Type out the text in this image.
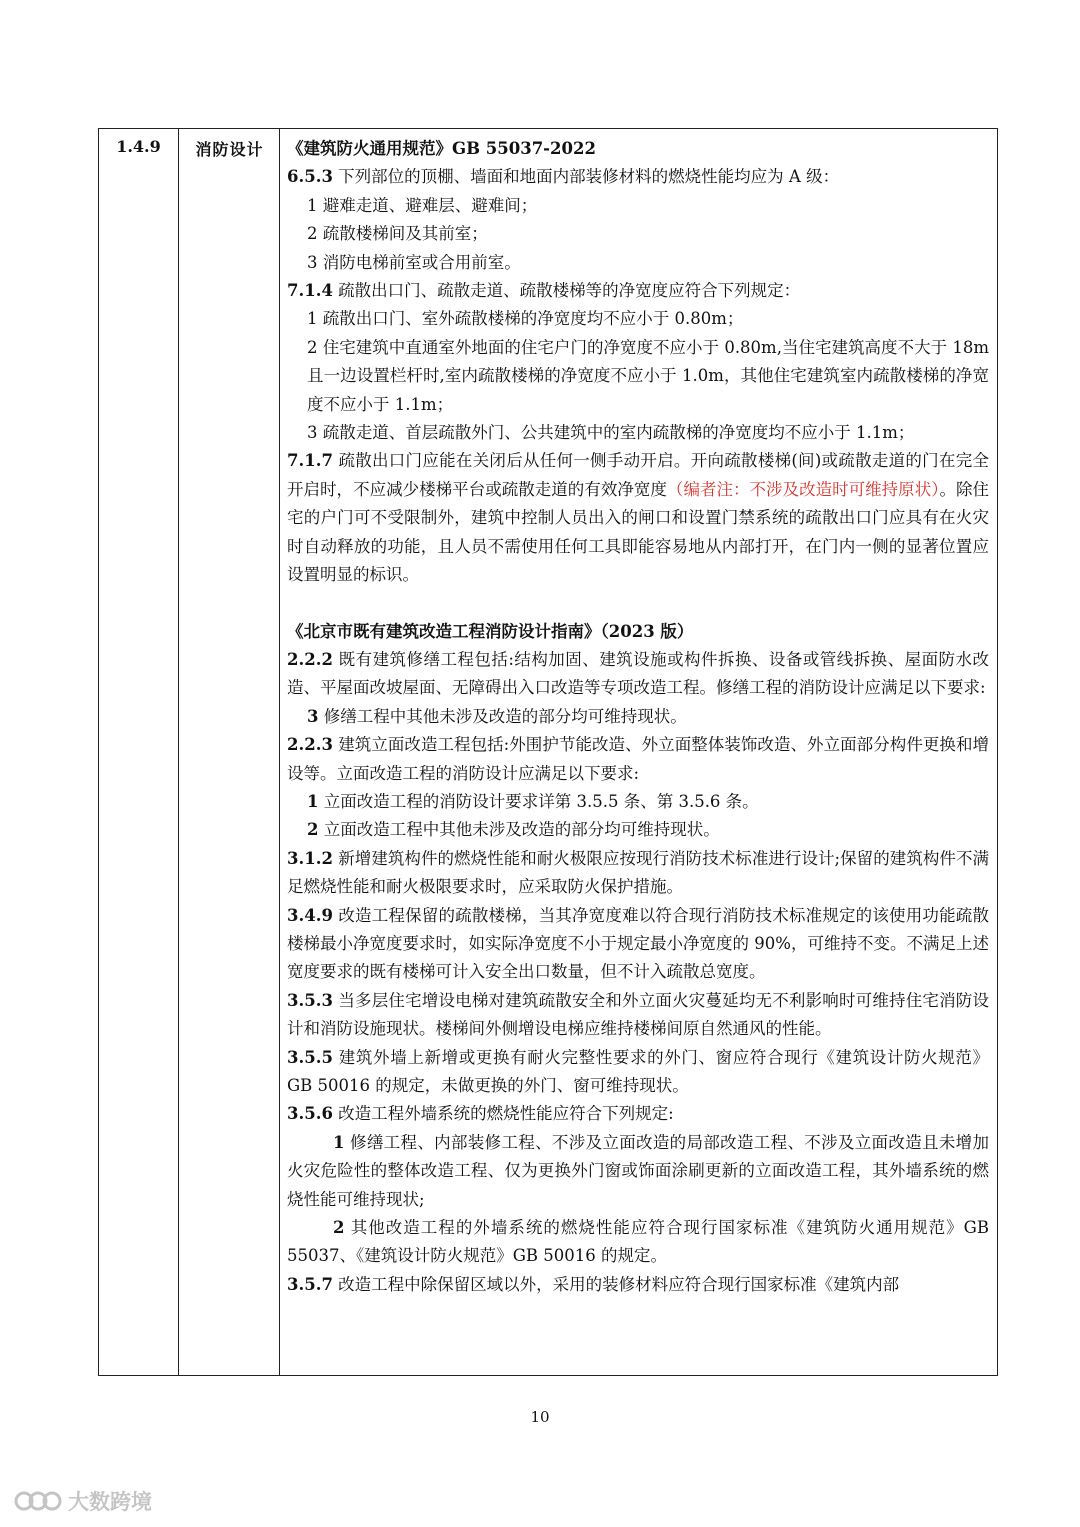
1.4.9	消防设计	《建筑防火通用规范》GB 55037-2022
6.5.3 下列部位的顶棚、墙面和地面内部装修材料的燃烧性能均应为 A 级：
1 避难走道、避难层、避难间；
2 疏散楼梯间及其前室；
3 消防电梯前室或合用前室。
7.1.4 疏散出口门、疏散走道、疏散楼梯等的净宽度应符合下列规定：
1 疏散出口门、室外疏散楼梯的净宽度均不应小于 0.80m；
2 住宅建筑中直通室外地面的住宅户门的净宽度不应小于 0.80m,当住宅建筑高度不大于 18m 且一边设置栏杆时,室内疏散楼梯的净宽度不应小于 1.0m，其他住宅建筑室内疏散楼梯的净宽度不应小于 1.1m；
3 疏散走道、首层疏散外门、公共建筑中的室内疏散梯的净宽度均不应小于 1.1m；
7.1.7 疏散出口门应能在关闭后从任何一侧手动开启。开向疏散楼梯(间)或疏散走道的门在完全开启时，不应减少楼梯平台或疏散走道的有效净宽度（编者注：不涉及改造时可维持原状）。除住宅的户门可不受限制外，建筑中控制人员出入的闸口和设置门禁系统的疏散出口门应具有在火灾时自动释放的功能，且人员不需使用任何工具即能容易地从内部打开，在门内一侧的显著位置应设置明显的标识。
《北京市既有建筑改造工程消防设计指南》（2023 版）
2.2.2 既有建筑修缮工程包括:结构加固、建筑设施或构件拆换、设备或管线拆换、屋面防水改造、平屋面改坡屋面、无障碍出入口改造等专项改造工程。修缮工程的消防设计应满足以下要求:
3 修缮工程中其他未涉及改造的部分均可维持现状。
2.2.3 建筑立面改造工程包括:外围护节能改造、外立面整体装饰改造、外立面部分构件更换和增设等。立面改造工程的消防设计应满足以下要求:
1 立面改造工程的消防设计要求详第 3.5.5 条、第 3.5.6 条。
2 立面改造工程中其他未涉及改造的部分均可维持现状。
3.1.2 新增建筑构件的燃烧性能和耐火极限应按现行消防技术标准进行设计;保留的建筑构件不满足燃烧性能和耐火极限要求时，应采取防火保护措施。
3.4.9 改造工程保留的疏散楼梯，当其净宽度难以符合现行消防技术标准规定的该使用功能疏散楼梯最小净宽度要求时，如实际净宽度不小于规定最小净宽度的 90%，可维持不变。不满足上述宽度要求的既有楼梯可计入安全出口数量，但不计入疏散总宽度。
3.5.3 当多层住宅增设电梯对建筑疏散安全和外立面火灾蔓延均无不利影响时可维持住宅消防设计和消防设施现状。楼梯间外侧增设电梯应维持楼梯间原自然通风的性能。
3.5.5 建筑外墙上新增或更换有耐火完整性要求的外门、窗应符合现行《建筑设计防火规范》GB 50016 的规定，未做更换的外门、窗可维持现状。
3.5.6 改造工程外墙系统的燃烧性能应符合下列规定:
1 修缮工程、内部装修工程、不涉及立面改造的局部改造工程、不涉及立面改造且未增加火灾危险性的整体改造工程、仅为更换外门窗或饰面涂刷更新的立面改造工程，其外墙系统的燃烧性能可维持现状;
2 其他改造工程的外墙系统的燃烧性能应符合现行国家标准《建筑防火通用规范》GB 55037、《建筑设计防火规范》GB 50016 的规定。
3.5.7 改造工程中除保留区域以外，采用的装修材料应符合现行国家标准《建筑内部
10
大数跨境
